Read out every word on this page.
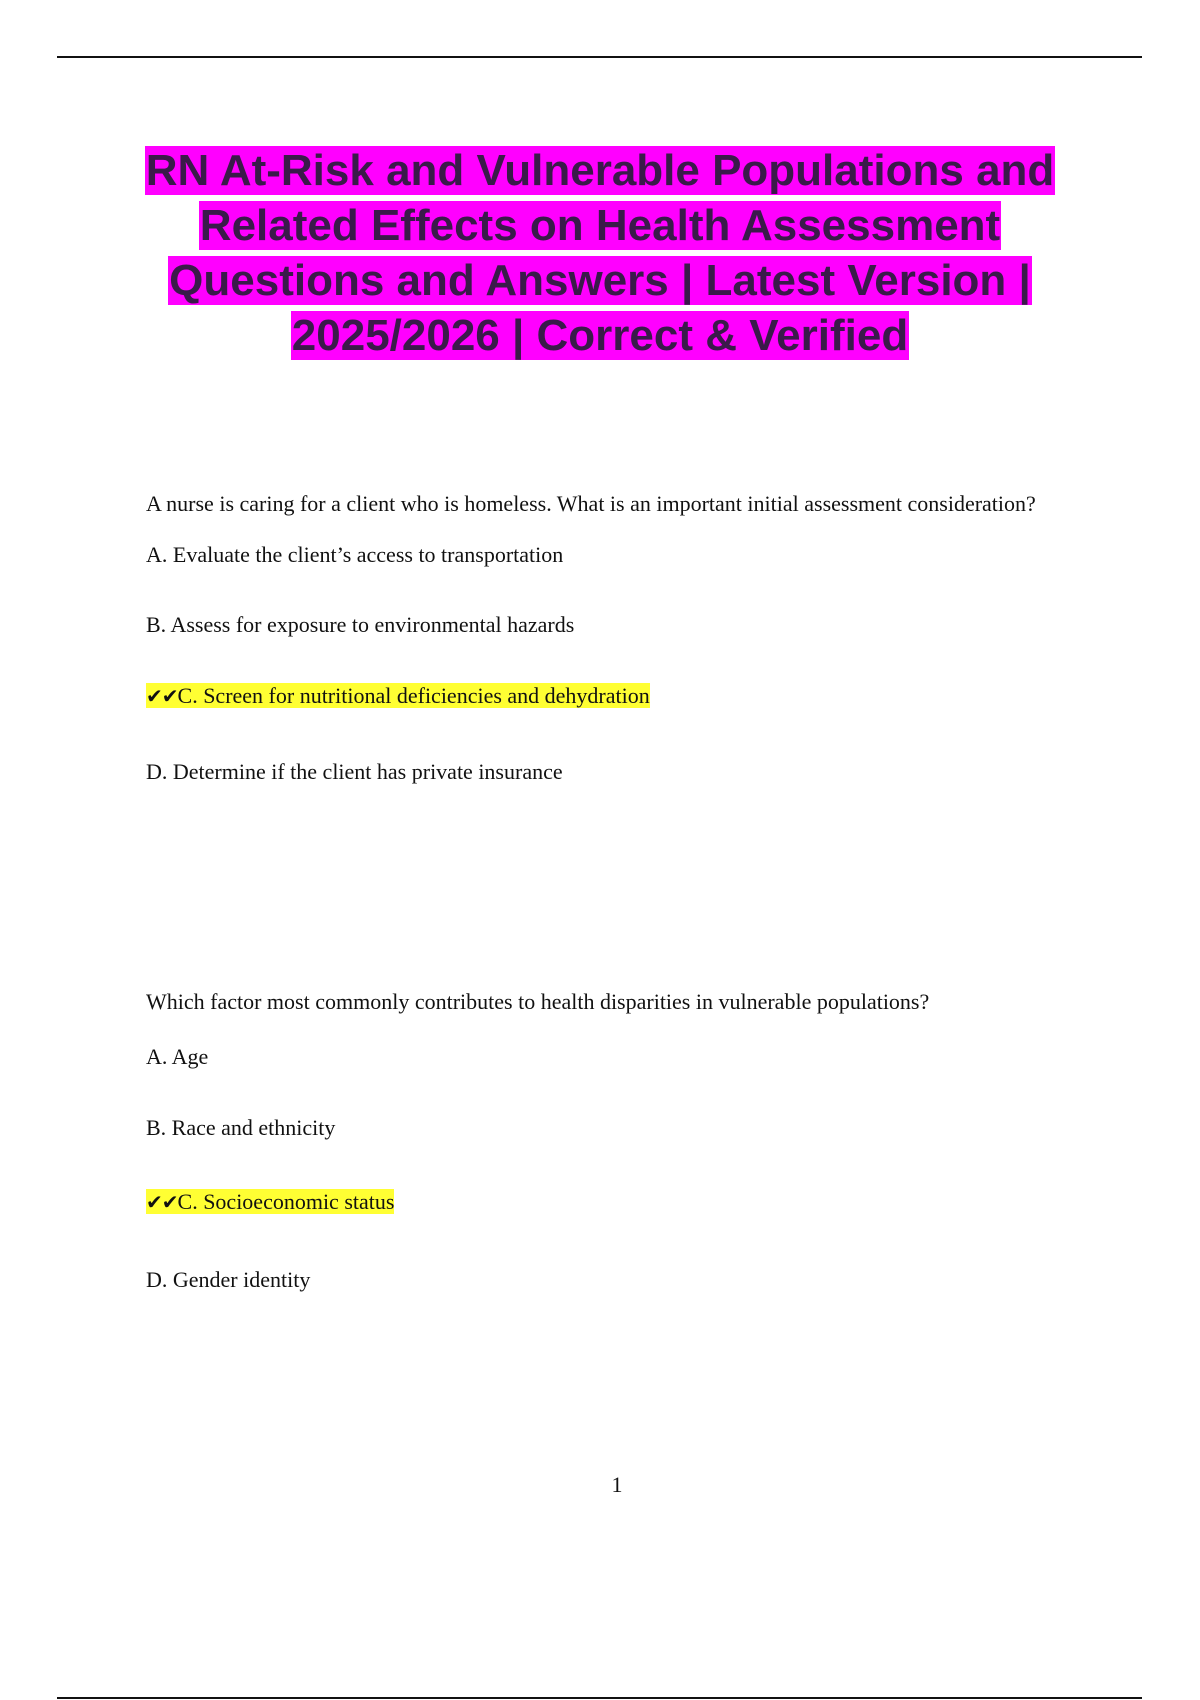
RN At-Risk and Vulnerable Populations and Related Effects on Health Assessment Questions and Answers | Latest Version | 2025/2026 | Correct & Verified

A nurse is caring for a client who is homeless. What is an important initial assessment consideration?

A. Evaluate the client’s access to transportation

B. Assess for exposure to environmental hazards

✔✔C. Screen for nutritional deficiencies and dehydration

D. Determine if the client has private insurance

Which factor most commonly contributes to health disparities in vulnerable populations?

A. Age

B. Race and ethnicity

✔✔C. Socioeconomic status

D. Gender identity

1
